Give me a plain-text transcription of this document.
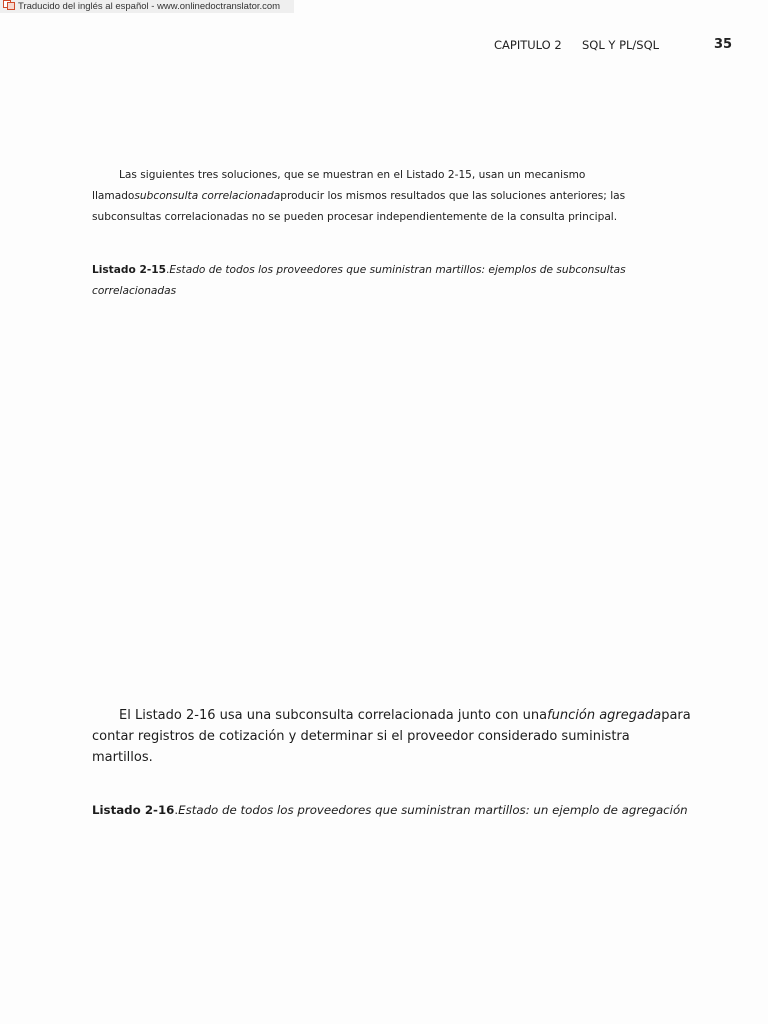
Traducido del inglés al español - www.onlinedoctranslator.com
CAPITULO 2 SQL Y PL/SQL	35

Las siguientes tres soluciones, que se muestran en el Listado 2-15, usan un mecanismo llamadosubconsulta correlacionadaproducir los mismos resultados que las soluciones anteriores; las subconsultas correlacionadas no se pueden procesar independientemente de la consulta principal.

Listado 2-15.Estado de todos los proveedores que suministran martillos: ejemplos de subconsultas correlacionadas

El Listado 2-16 usa una subconsulta correlacionada junto con unafunción agregadapara contar registros de cotización y determinar si el proveedor considerado suministra martillos.

Listado 2-16.Estado de todos los proveedores que suministran martillos: un ejemplo de agregación
